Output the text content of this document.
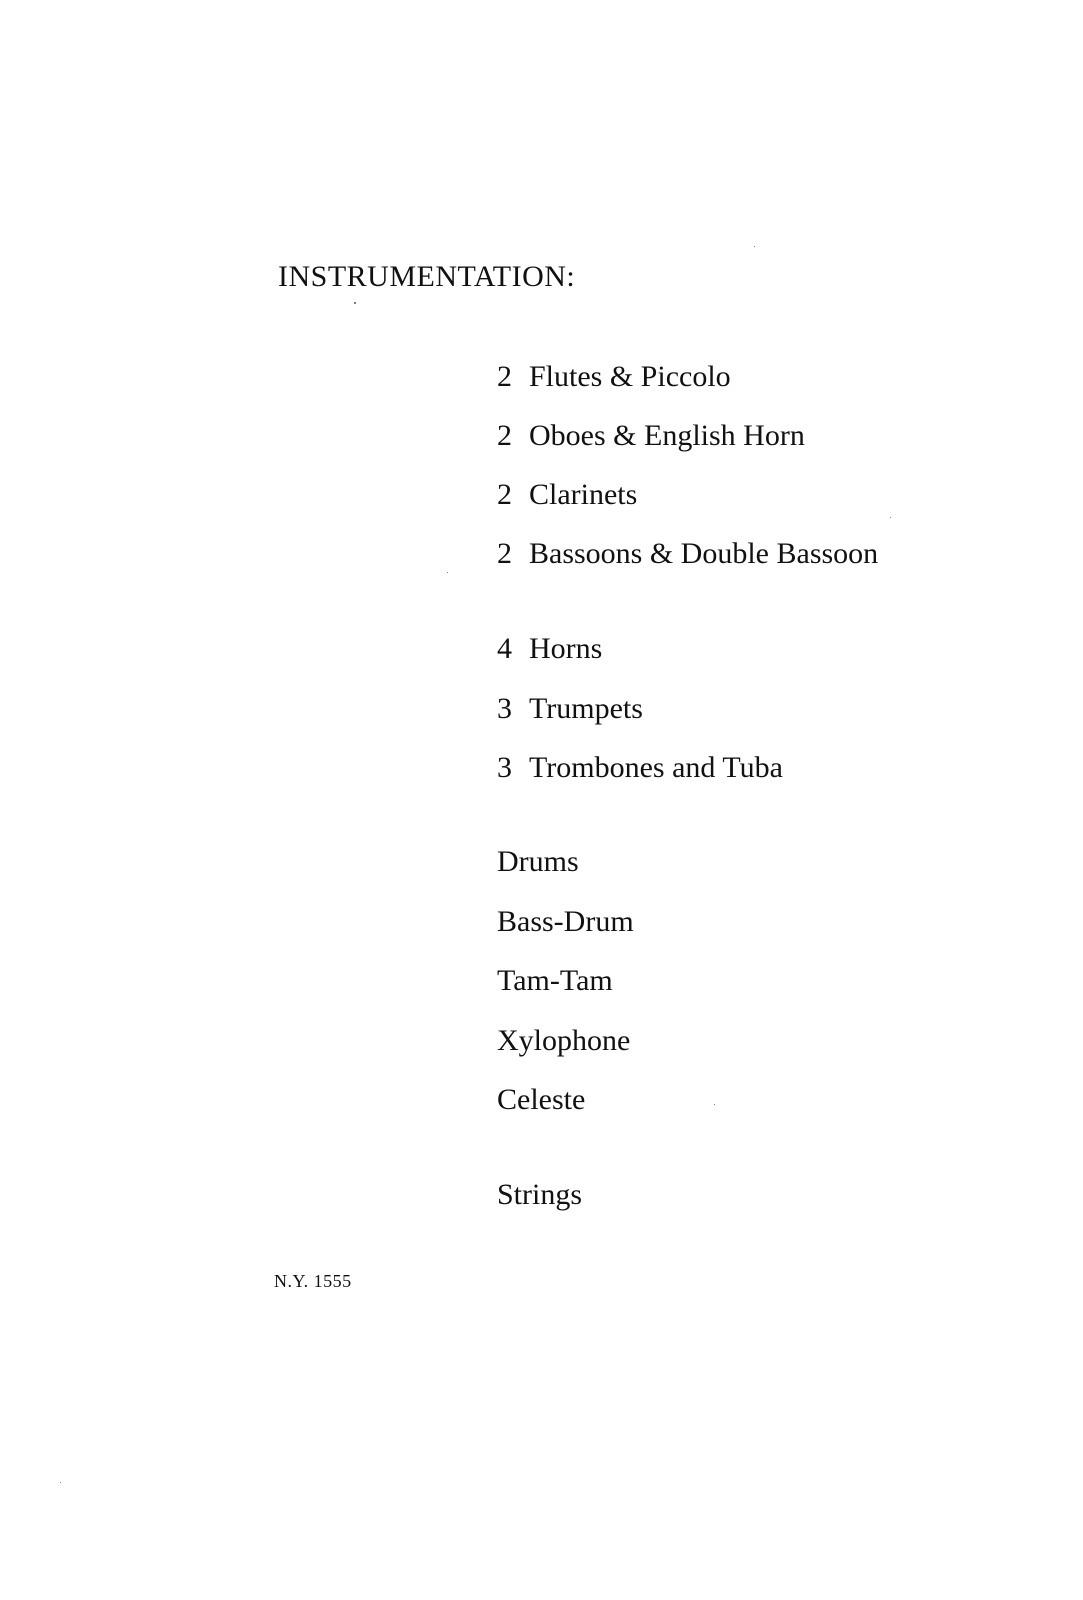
INSTRUMENTATION:
2 Flutes & Piccolo
2 Oboes & English Horn
2 Clarinets
2 Bassoons & Double Bassoon
4 Horns
3 Trumpets
3 Trombones and Tuba
Drums
Bass-Drum
Tam-Tam
Xylophone
Celeste
Strings
N.Y. 1555
